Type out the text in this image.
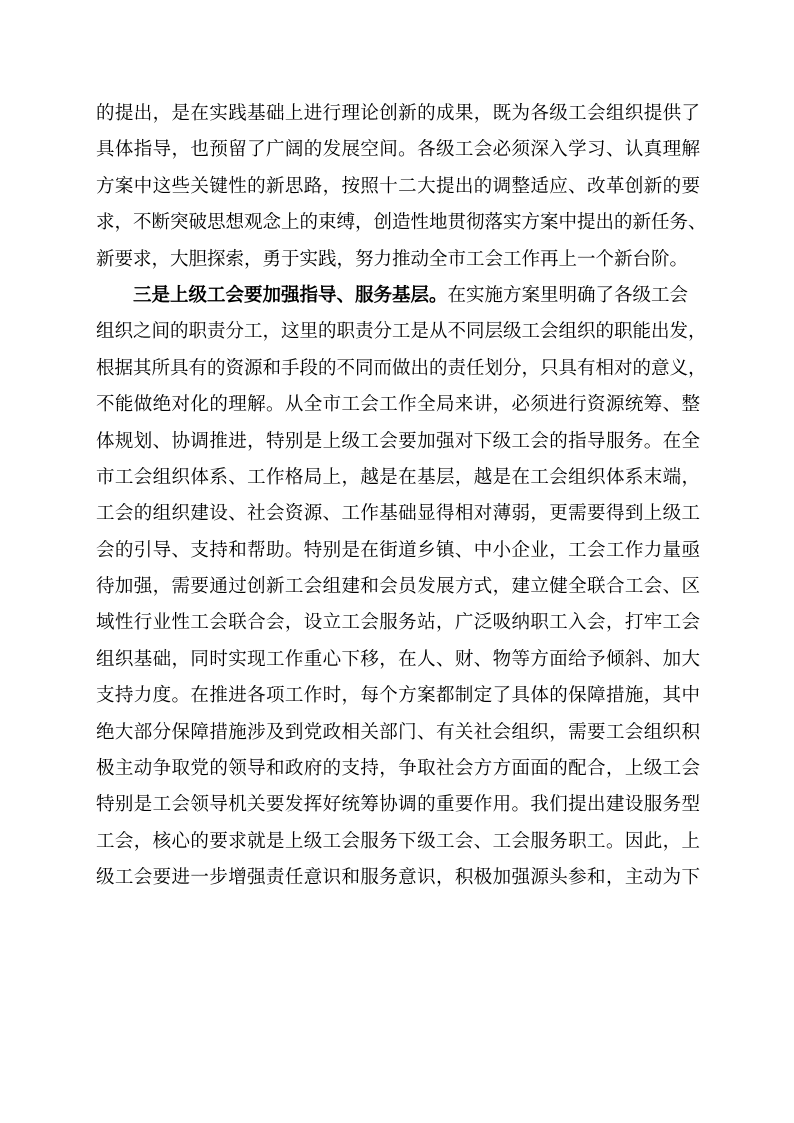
的提出，是在实践基础上进行理论创新的成果，既为各级工会组织提供了
具体指导，也预留了广阔的发展空间。各级工会必须深入学习、认真理解
方案中这些关键性的新思路，按照十二大提出的调整适应、改革创新的要
求，不断突破思想观念上的束缚，创造性地贯彻落实方案中提出的新任务、
新要求，大胆探索，勇于实践，努力推动全市工会工作再上一个新台阶。
三是上级工会要加强指导、服务基层。 在实施方案里明确了各级工会
组织之间的职责分工，这里的职责分工是从不同层级工会组织的职能出发，
根据其所具有的资源和手段的不同而做出的责任划分，只具有相对的意义，
不能做绝对化的理解。从全市工会工作全局来讲，必须进行资源统筹、整
体规划、协调推进，特别是上级工会要加强对下级工会的指导服务。在全
市工会组织体系、工作格局上，越是在基层，越是在工会组织体系末端，
工会的组织建设、社会资源、工作基础显得相对薄弱，更需要得到上级工
会的引导、支持和帮助。特别是在街道乡镇、中小企业，工会工作力量亟
待加强，需要通过创新工会组建和会员发展方式，建立健全联合工会、区
域性行业性工会联合会，设立工会服务站，广泛吸纳职工入会，打牢工会
组织基础，同时实现工作重心下移，在人、财、物等方面给予倾斜、加大
支持力度。在推进各项工作时，每个方案都制定了具体的保障措施，其中
绝大部分保障措施涉及到党政相关部门、有关社会组织，需要工会组织积
极主动争取党的领导和政府的支持，争取社会方方面面的配合，上级工会
特别是工会领导机关要发挥好统筹协调的重要作用。我们提出建设服务型
工会，核心的要求就是上级工会服务下级工会、工会服务职工。因此，上
级工会要进一步增强责任意识和服务意识，积极加强源头参和，主动为下
